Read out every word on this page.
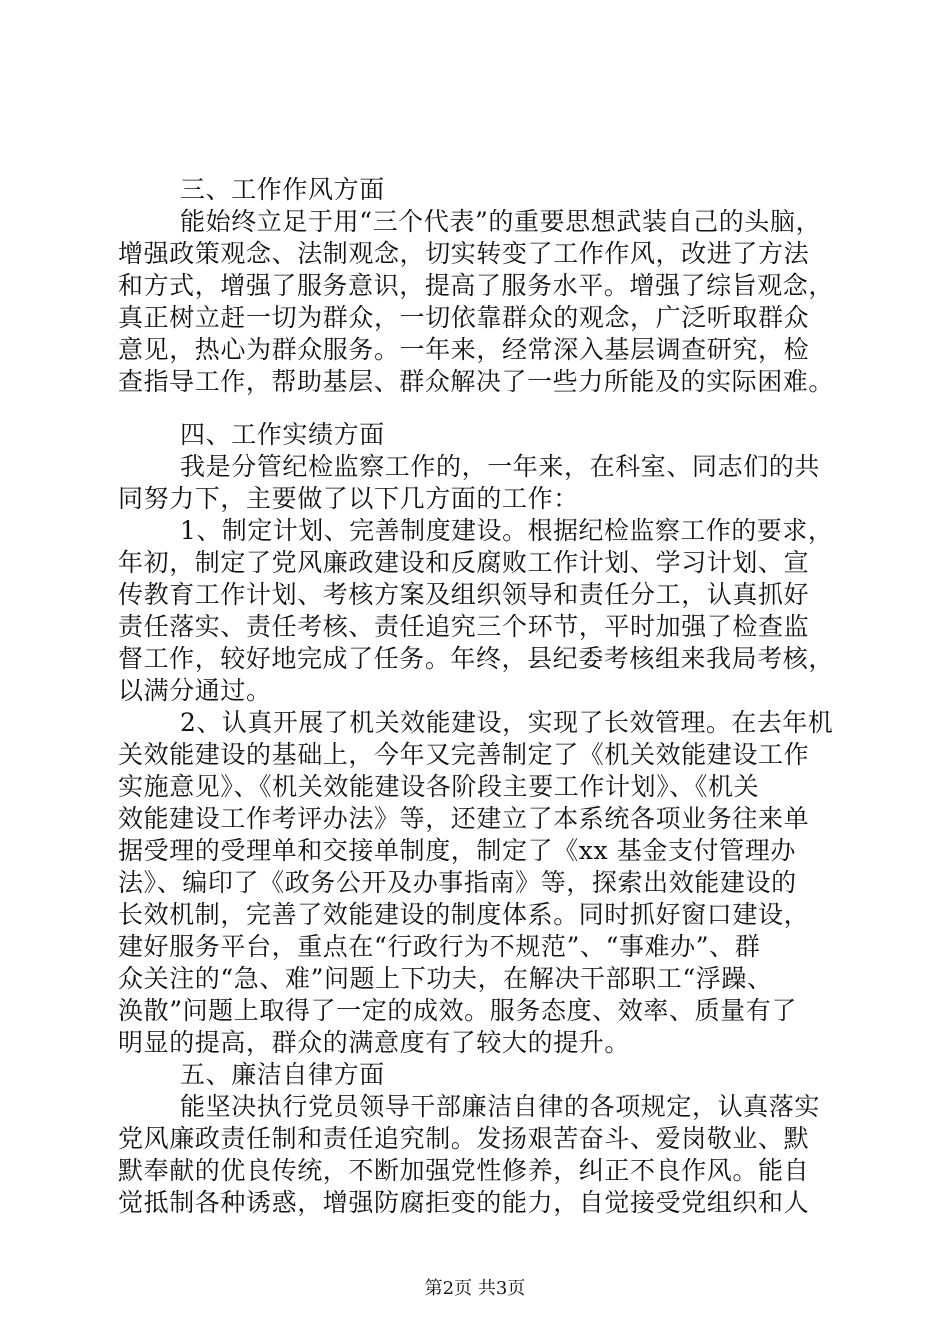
三、工作作风方面
能始终立足于用“三个代表”的重要思想武装自己的头脑，
增强政策观念、法制观念，切实转变了工作作风，改进了方法
和方式，增强了服务意识，提高了服务水平。增强了综旨观念，
真正树立赶一切为群众，一切依靠群众的观念，广泛听取群众
意见，热心为群众服务。一年来，经常深入基层调查研究，检
查指导工作，帮助基层、群众解决了一些力所能及的实际困难。
四、工作实绩方面
我是分管纪检监察工作的，一年来，在科室、同志们的共
同努力下，主要做了以下几方面的工作：
1、制定计划、完善制度建设。根据纪检监察工作的要求，
年初，制定了党风廉政建设和反腐败工作计划、学习计划、宣
传教育工作计划、考核方案及组织领导和责任分工，认真抓好
责任落实、责任考核、责任追究三个环节，平时加强了检查监
督工作，较好地完成了任务。年终，县纪委考核组来我局考核，
以满分通过。
2、认真开展了机关效能建设，实现了长效管理。在去年机
关效能建设的基础上，今年又完善制定了《机关效能建设工作
实施意见》、《机关效能建设各阶段主要工作计划》、《机关
效能建设工作考评办法》等，还建立了本系统各项业务往来单
据受理的受理单和交接单制度，制定了《xx 基金支付管理办
法》、编印了《政务公开及办事指南》等，探索出效能建设的
长效机制，完善了效能建设的制度体系。同时抓好窗口建设，
建好服务平台，重点在“行政行为不规范”、“事难办”、群
众关注的“急、难”问题上下功夫，在解决干部职工“浮躁、
涣散”问题上取得了一定的成效。服务态度、效率、质量有了
明显的提高，群众的满意度有了较大的提升。
五、廉洁自律方面
能坚决执行党员领导干部廉洁自律的各项规定，认真落实
党风廉政责任制和责任追究制。发扬艰苦奋斗、爱岗敬业、默
默奉献的优良传统，不断加强党性修养，纠正不良作风。能自
觉抵制各种诱惑，增强防腐拒变的能力，自觉接受党组织和人
第2页 共3页
